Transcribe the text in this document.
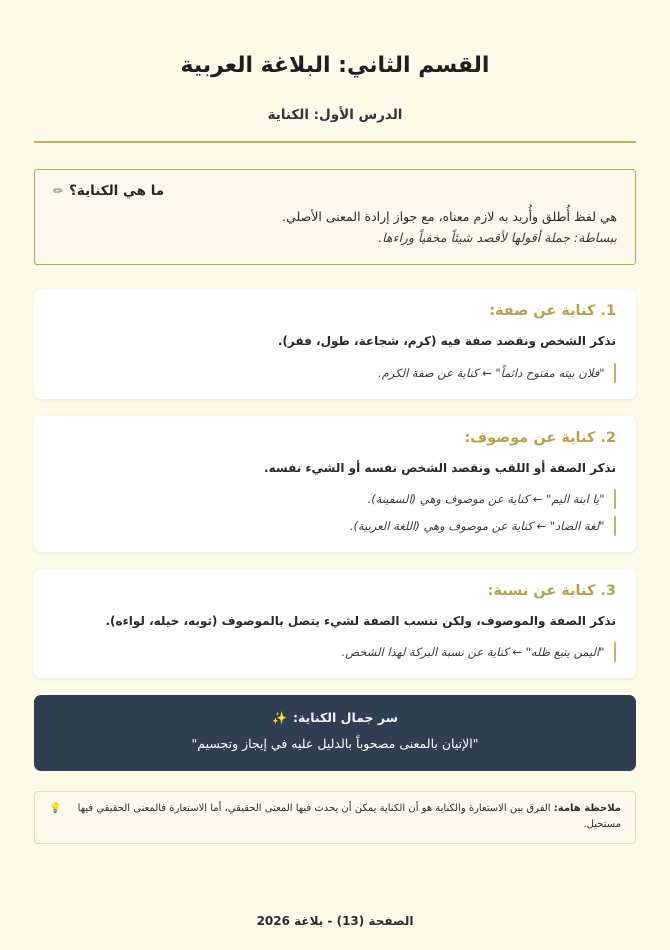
القسم الثاني: البلاغة العربية
الدرس الأول: الكناية
✏ ما هي الكناية؟
هي لفظ أُطلق وأُريد به لازم معناه، مع جواز إرادة المعنى الأصلي.
ببساطة: جملة أقولها لأقصد شيئاً مخفياً وراءها.
1. كناية عن صفة:
نذكر الشخص ونقصد صفة فيه (كرم، شجاعة، طول، فقر).
"فلان بيته مفتوح دائماً" ← كناية عن صفة الكرم.
2. كناية عن موصوف:
نذكر الصفة أو اللقب ونقصد الشخص نفسه أو الشيء نفسه.
"يا ابنة اليم" ← كناية عن موصوف وهي (السفينة).
"لغة الضاد" ← كناية عن موصوف وهي (اللغة العربية).
3. كناية عن نسبة:
نذكر الصفة والموصوف، ولكن ننسب الصفة لشيء يتصل بالموصوف (ثوبه، خيله، لواءه).
"اليمن يتبع ظله" ← كناية عن نسبة البركة لهذا الشخص.
✨ سر جمال الكناية:
"الإتيان بالمعنى مصحوباً بالدليل عليه في إيجاز وتجسيم"
💡	ملاحظة هامة: الفرق بين الاستعارة والكناية هو أن الكناية يمكن أن يحدث فيها المعنى الحقيقي، أما الاستعارة فالمعنى الحقيقي فيها مستحيل.
الصفحة (13) - بلاغة 2026
